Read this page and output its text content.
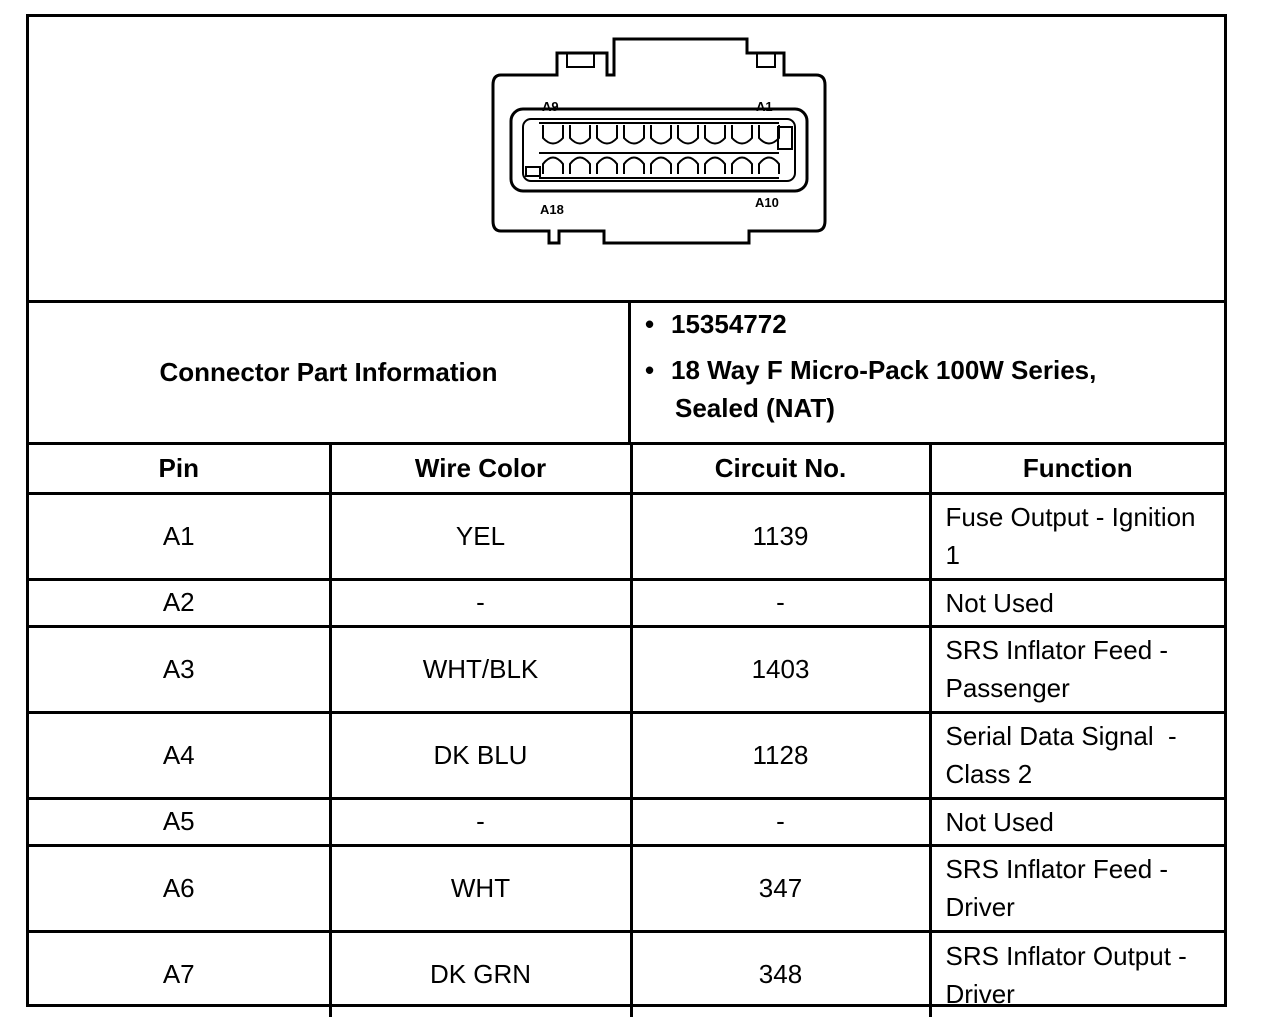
A9	A1
A18	A10
Connector Part Information
• 15354772
• 18 Way F Micro-Pack 100W Series,
Sealed (NAT)
Pin	Wire Color	Circuit No.	Function
A1	YEL	1139	Fuse Output - Ignition
1
A2	-	-	Not Used
A3	WHT/BLK	1403	SRS Inflator Feed -
Passenger
A4	DK BLU	1128	Serial Data Signal  -
Class 2
A5	-	-	Not Used
A6	WHT	347	SRS Inflator Feed -
Driver
A7	DK GRN	348	SRS Inflator Output -
Driver
